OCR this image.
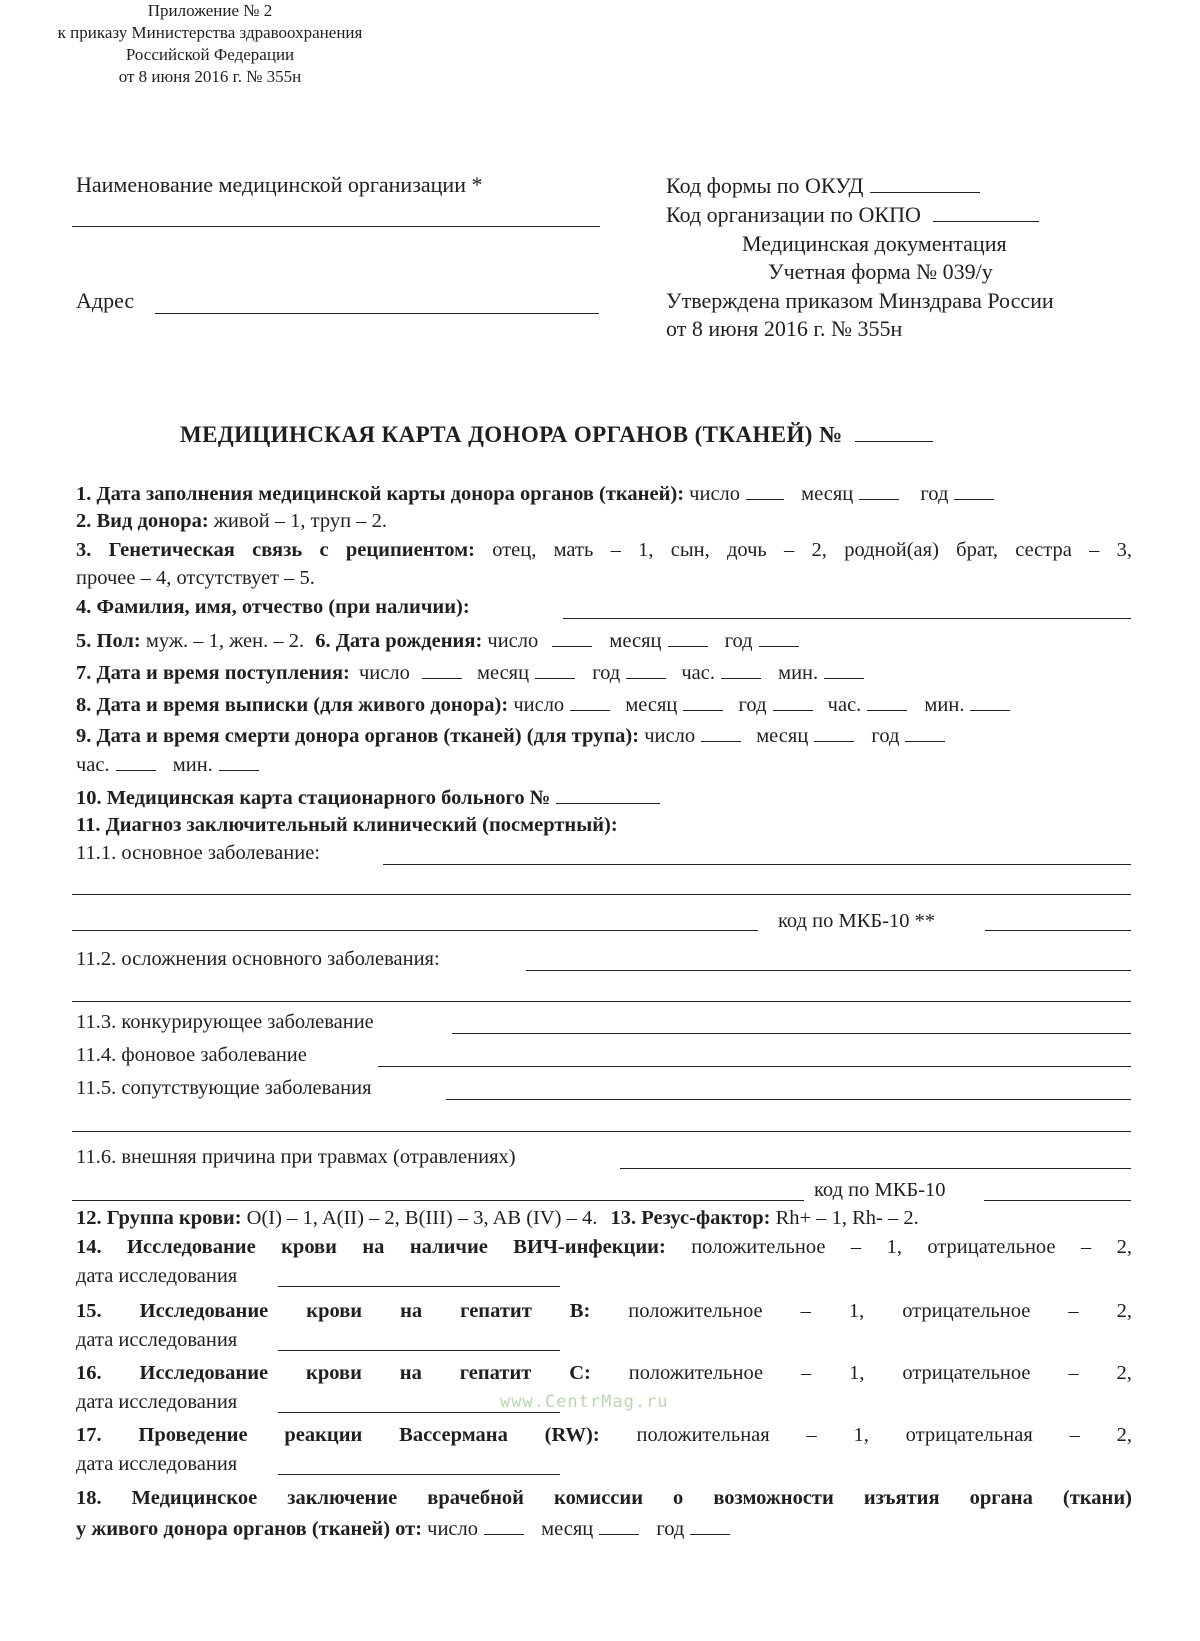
Приложение № 2
к приказу Министерства здравоохранения
Российской Федерации
от 8 июня 2016 г. № 355н
Наименование медицинской организации *
Адрес
Код формы по ОКУД
Код организации по ОКПО
Медицинская документация
Учетная форма № 039/у
Утверждена приказом Минздрава России
от 8 июня 2016 г. № 355н
МЕДИЦИНСКАЯ КАРТА ДОНОРА ОРГАНОВ (ТКАНЕЙ) №
1. Дата заполнения медицинской карты донора органов (тканей): число	месяц	год
2. Вид донора: живой – 1, труп – 2.
3. Генетическая связь с реципиентом: отец, мать – 1, сын, дочь – 2, родной(ая) брат, сестра – 3,
прочее – 4, отсутствует – 5.
4. Фамилия, имя, отчество (при наличии):
5. Пол: муж. – 1, жен. – 2. 6. Дата рождения: число	месяц	год
7. Дата и время поступления: число	месяц	год	час.	мин.
8. Дата и время выписки (для живого донора): число	месяц	год	час.	мин.
9. Дата и время смерти донора органов (тканей) (для трупа): число	месяц	год
час.	мин.
10. Медицинская карта стационарного больного №
11. Диагноз заключительный клинический (посмертный):
11.1. основное заболевание:
код по МКБ-10 **
11.2. осложнения основного заболевания:
11.3. конкурирующее заболевание
11.4. фоновое заболевание
11.5. сопутствующие заболевания
11.6. внешняя причина при травмах (отравлениях)
код по МКБ-10
12. Группа крови: O(I) – 1, A(II) – 2, B(III) – 3, AB (IV) – 4. 13. Резус-фактор: Rh+ – 1, Rh- – 2.
14. Исследование крови на наличие ВИЧ-инфекции: положительное – 1, отрицательное – 2,
дата исследования
15. Исследование крови на гепатит B: положительное – 1, отрицательное – 2,
дата исследования
16. Исследование крови на гепатит C: положительное – 1, отрицательное – 2,
дата исследования	www.CentrMag.ru
17. Проведение реакции Вассермана (RW): положительная – 1, отрицательная – 2,
дата исследования
18. Медицинское заключение врачебной комиссии о возможности изъятия органа (ткани)
у живого донора органов (тканей) от: число	месяц	год
